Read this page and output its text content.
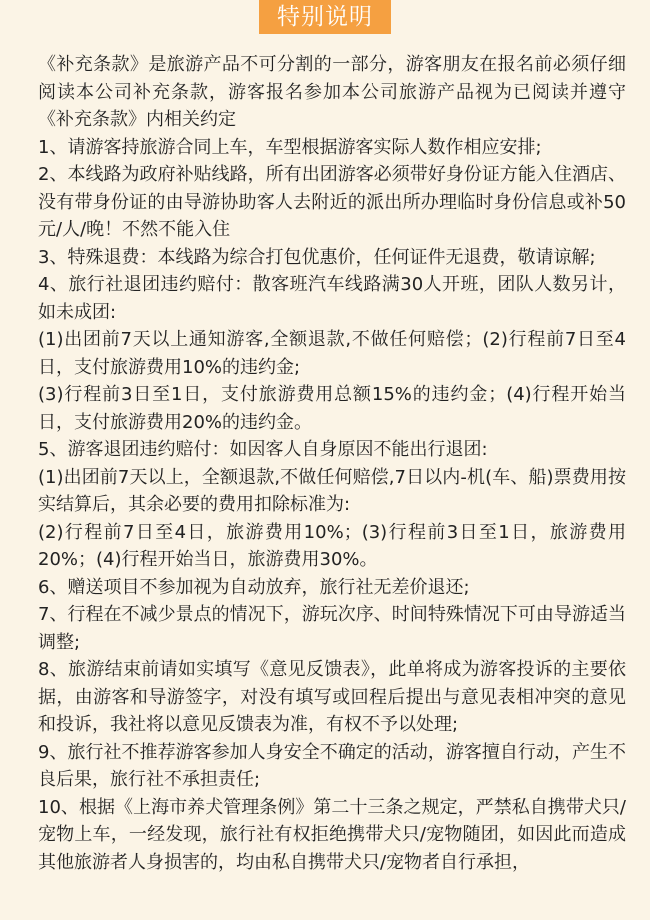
特别说明

《补充条款》是旅游产品不可分割的一部分，游客朋友在报名前必须仔细阅读本公司补充条款，游客报名参加本公司旅游产品视为已阅读并遵守《补充条款》内相关约定

1、请游客持旅游合同上车，车型根据游客实际人数作相应安排;

2、本线路为政府补贴线路，所有出团游客必须带好身份证方能入住酒店、没有带身份证的由导游协助客人去附近的派出所办理临时身份信息或补50元/人/晚！不然不能入住

3、特殊退费：本线路为综合打包优惠价，任何证件无退费，敬请谅解;

4、旅行社退团违约赔付：散客班汽车线路满30人开班，团队人数另计，如未成团:

(1)出团前7天以上通知游客,全额退款,不做任何赔偿；(2)行程前7日至4日，支付旅游费用10%的违约金;

(3)行程前3日至1日，支付旅游费用总额15%的违约金；(4)行程开始当日，支付旅游费用20%的违约金。

5、游客退团违约赔付：如因客人自身原因不能出行退团:

(1)出团前7天以上，全额退款,不做任何赔偿,7日以内-机(车、船)票费用按实结算后，其余必要的费用扣除标准为:

(2)行程前7日至4日，旅游费用10%；(3)行程前3日至1日，旅游费用20%；(4)行程开始当日，旅游费用30%。

6、赠送项目不参加视为自动放弃，旅行社无差价退还;

7、行程在不减少景点的情况下，游玩次序、时间特殊情况下可由导游适当调整;

8、旅游结束前请如实填写《意见反馈表》，此单将成为游客投诉的主要依据，由游客和导游签字，对没有填写或回程后提出与意见表相冲突的意见和投诉，我社将以意见反馈表为准，有权不予以处理;

9、旅行社不推荐游客参加人身安全不确定的活动，游客擅自行动，产生不良后果，旅行社不承担责任;

10、根据《上海市养犬管理条例》第二十三条之规定，严禁私自携带犬只/宠物上车，一经发现，旅行社有权拒绝携带犬只/宠物随团，如因此而造成其他旅游者人身损害的，均由私自携带犬只/宠物者自行承担，
